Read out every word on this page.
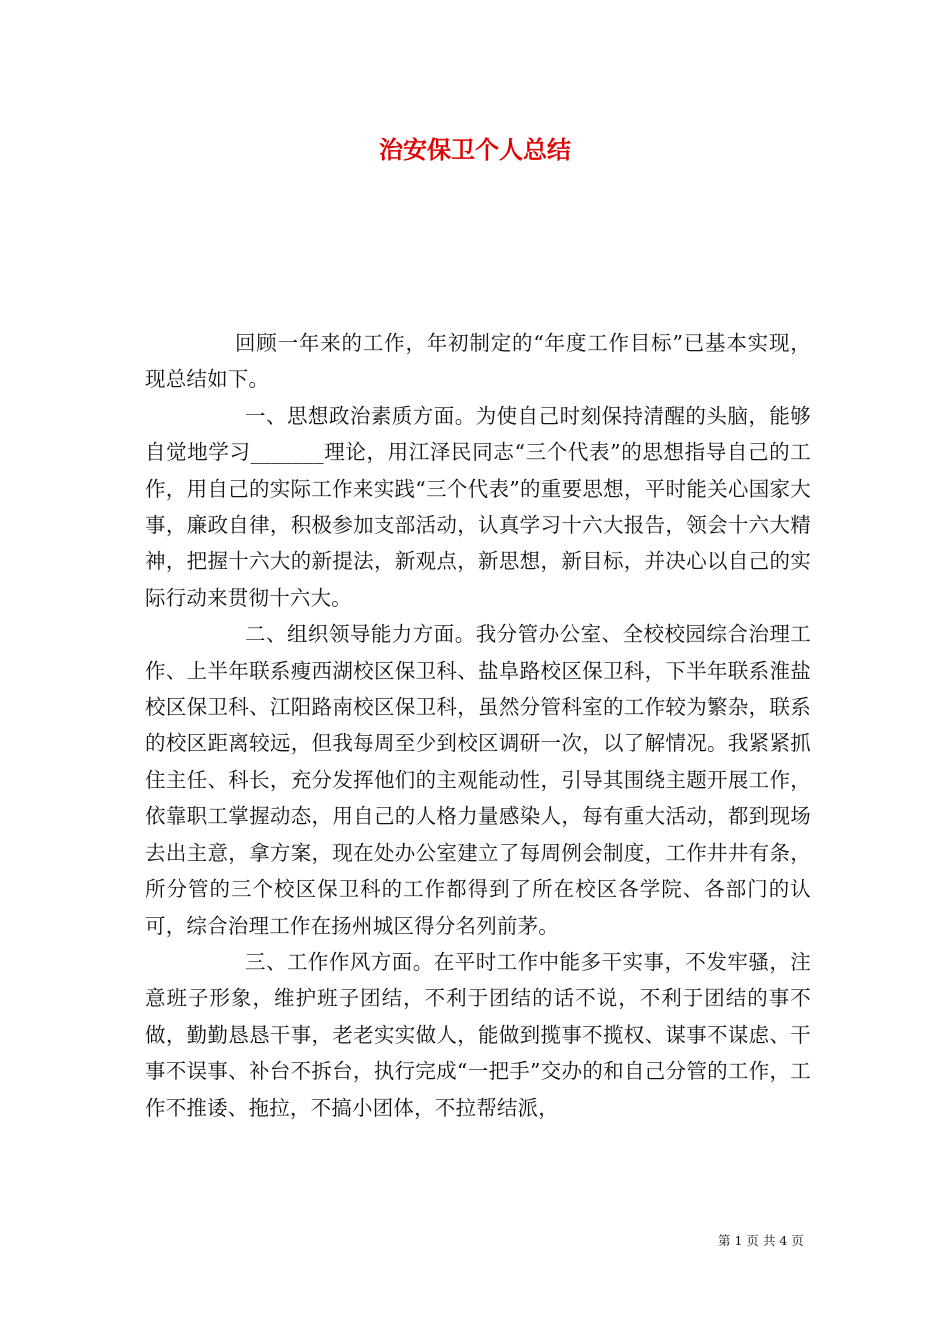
治安保卫个人总结

回顾一年来的工作，年初制定的“年度工作目标”已基本实现，现总结如下。

一、思想政治素质方面。为使自己时刻保持清醒的头脑，能够自觉地学习_______理论，用江泽民同志“三个代表”的思想指导自己的工作，用自己的实际工作来实践“三个代表”的重要思想，平时能关心国家大事，廉政自律，积极参加支部活动，认真学习十六大报告，领会十六大精神，把握十六大的新提法，新观点，新思想，新目标，并决心以自己的实际行动来贯彻十六大。

二、组织领导能力方面。我分管办公室、全校校园综合治理工作、上半年联系瘦西湖校区保卫科、盐阜路校区保卫科，下半年联系淮盐校区保卫科、江阳路南校区保卫科，虽然分管科室的工作较为繁杂，联系的校区距离较远，但我每周至少到校区调研一次，以了解情况。我紧紧抓住主任、科长，充分发挥他们的主观能动性，引导其围绕主题开展工作，依靠职工掌握动态，用自己的人格力量感染人，每有重大活动，都到现场去出主意，拿方案，现在处办公室建立了每周例会制度，工作井井有条，所分管的三个校区保卫科的工作都得到了所在校区各学院、各部门的认可，综合治理工作在扬州城区得分名列前茅。

三、工作作风方面。在平时工作中能多干实事，不发牢骚，注意班子形象，维护班子团结，不利于团结的话不说，不利于团结的事不做，勤勤恳恳干事，老老实实做人，能做到揽事不揽权、谋事不谋虑、干事不误事、补台不拆台，执行完成“一把手”交办的和自己分管的工作，工作不推诿、拖拉，不搞小团体，不拉帮结派，

第 1 页 共 4 页
